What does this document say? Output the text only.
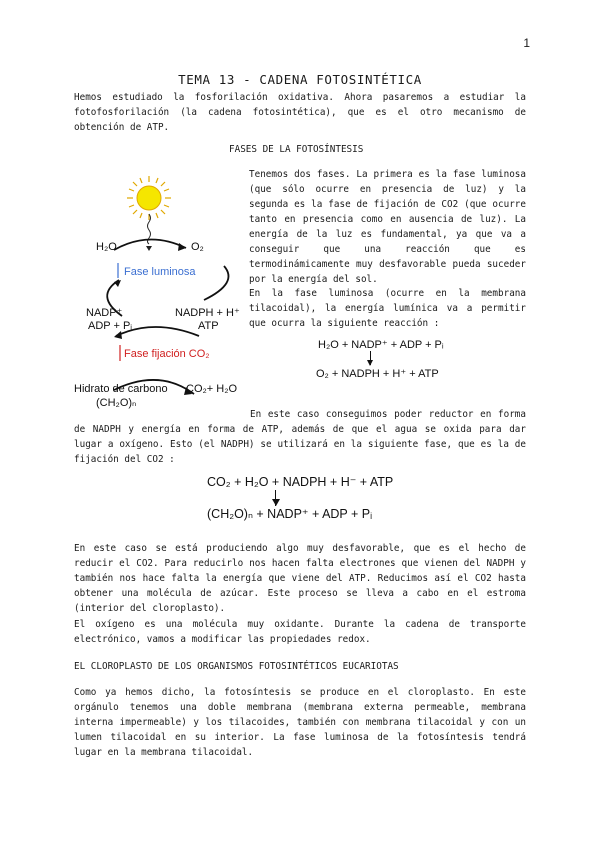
1
TEMA 13 - CADENA FOTOSINTÉTICA
Hemos estudiado la fosforilación oxidativa. Ahora pasaremos a estudiar la fotofosforilación (la cadena fotosintética), que es el otro mecanismo de obtención de ATP.
FASES DE LA FOTOSÍNTESIS
H₂O	O₂
Fase luminosa
NADP⁺
ADP + Pᵢ
NADPH + H⁺
ATP
Fase fijación CO₂
Hidrato de carbono
(CH₂O)ₙ
CO₂+ H₂O
Tenemos dos fases. La primera es la fase luminosa (que sólo ocurre en presencia de luz) y la segunda es la fase de fijación de CO2 (que ocurre tanto en presencia como en ausencia de luz). La energía de la luz es fundamental, ya que va a conseguir que una reacción que es termodinámicamente muy desfavorable pueda suceder por la energía del sol.
En la fase luminosa (ocurre en la membrana tilacoidal), la energía lumínica va a permitir que ocurra la siguiente reacción :
H₂O + NADP⁺ + ADP + Pᵢ
O₂ + NADPH + H⁺ + ATP
En este caso conseguimos poder reductor en forma de NADPH y energía en forma de ATP, además de que el agua se oxida para dar lugar a oxígeno. Esto (el NADPH) se utilizará en la siguiente fase, que es la de fijación del CO2 :
CO₂ + H₂O + NADPH + H⁻ + ATP
(CH₂O)ₙ + NADP⁺ + ADP + Pᵢ
En este caso se está produciendo algo muy desfavorable, que es el hecho de reducir el CO2. Para reducirlo nos hacen falta electrones que vienen del NADPH y también nos hace falta la energía que viene del ATP. Reducimos así el CO2 hasta obtener una molécula de azúcar. Este proceso se lleva a cabo en el estroma (interior del cloroplasto).
El oxígeno es una molécula muy oxidante. Durante la cadena de transporte electrónico, vamos a modificar las propiedades redox.
EL CLOROPLASTO DE LOS ORGANISMOS FOTOSINTÉTICOS EUCARIOTAS
Como ya hemos dicho, la fotosíntesis se produce en el cloroplasto. En este orgánulo tenemos una doble membrana (membrana externa permeable, membrana interna impermeable) y los tilacoides, también con membrana tilacoidal y con un lumen tilacoidal en su interior. La fase luminosa de la fotosíntesis tendrá lugar en la membrana tilacoidal.
